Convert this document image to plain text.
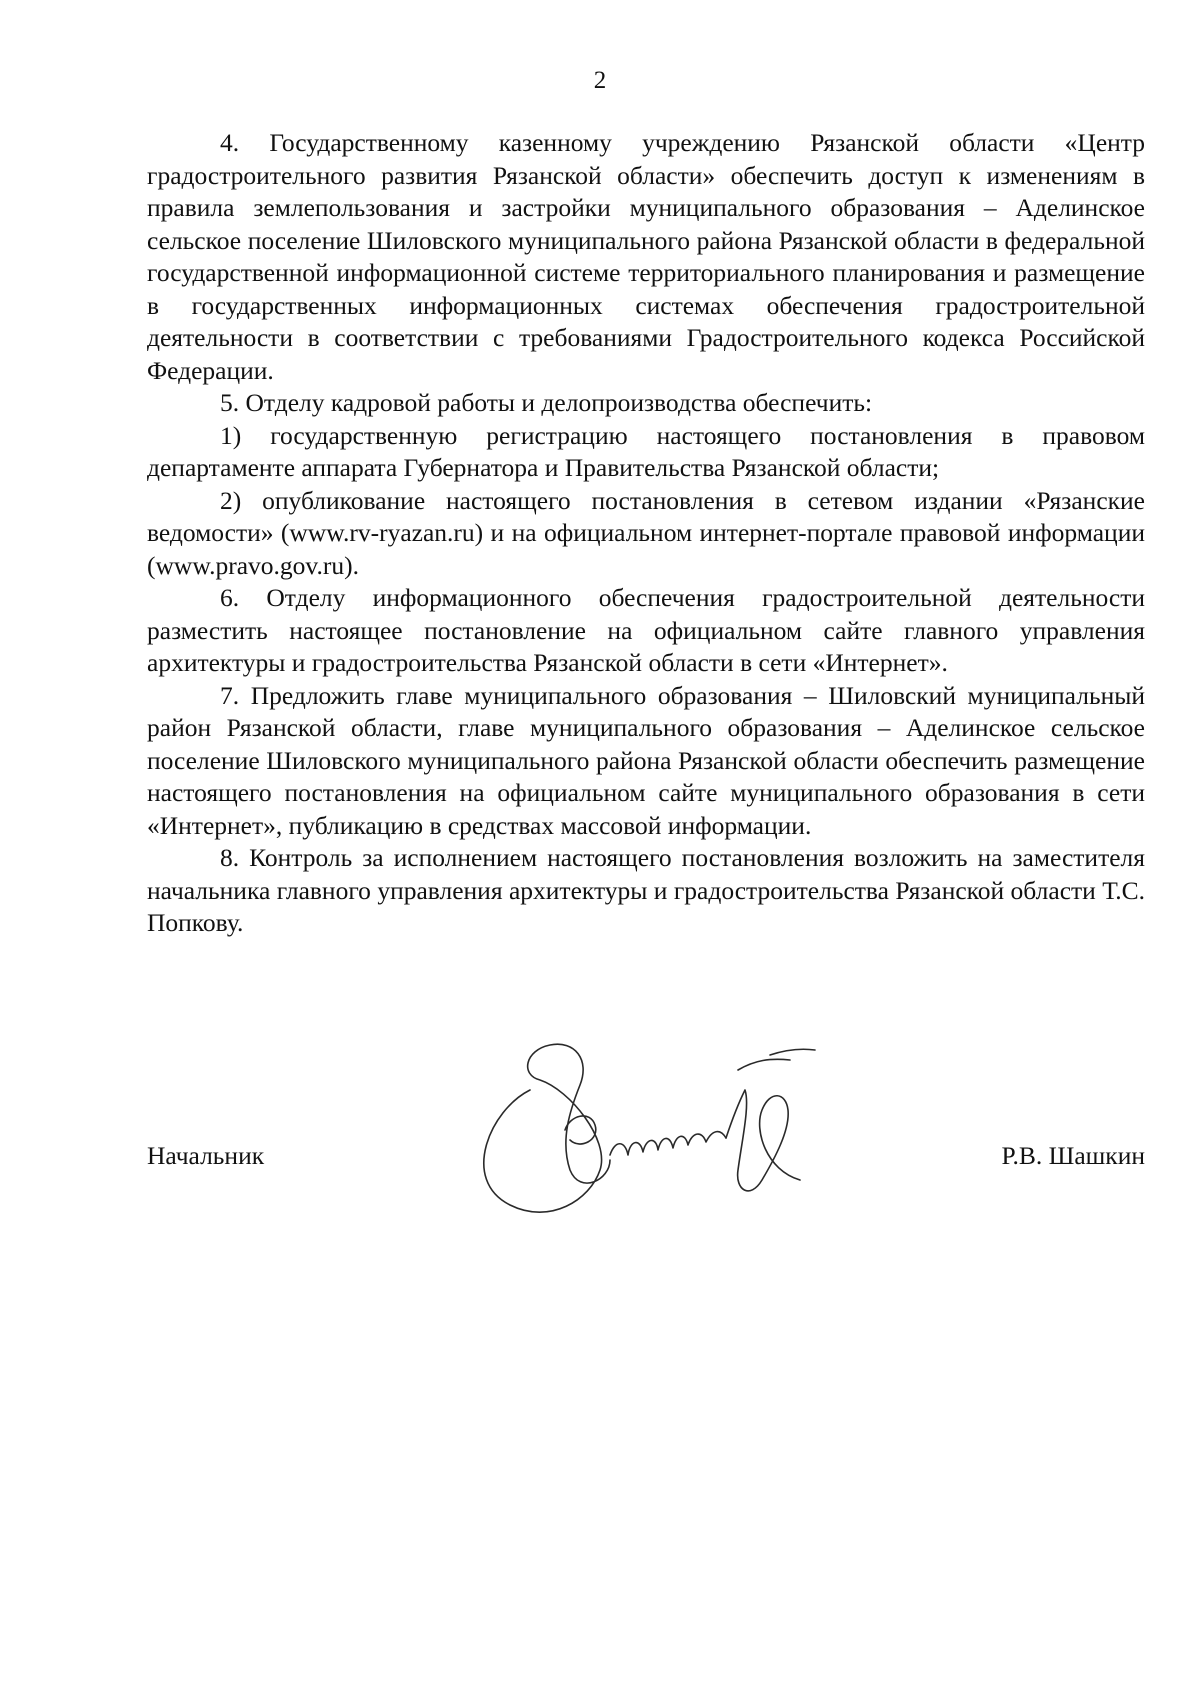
2

4. Государственному казенному учреждению Рязанской области «Центр градостроительного развития Рязанской области» обеспечить доступ к изменениям в правила землепользования и застройки муниципального образования – Аделинское сельское поселение Шиловского муниципального района Рязанской области в федеральной государственной информационной системе территориального планирования и размещение в государственных информационных системах обеспечения градостроительной деятельности в соответствии с требованиями Градостроительного кодекса Российской Федерации.

5. Отделу кадровой работы и делопроизводства обеспечить:

1) государственную регистрацию настоящего постановления в правовом департаменте аппарата Губернатора и Правительства Рязанской области;

2) опубликование настоящего постановления в сетевом издании «Рязанские ведомости» (www.rv-ryazan.ru) и на официальном интернет-портале правовой информации (www.pravo.gov.ru).

6. Отделу информационного обеспечения градостроительной деятельности разместить настоящее постановление на официальном сайте главного управления архитектуры и градостроительства Рязанской области в сети «Интернет».

7. Предложить главе муниципального образования – Шиловский муниципальный район Рязанской области, главе муниципального образования – Аделинское сельское поселение Шиловского муниципального района Рязанской области обеспечить размещение настоящего постановления на официальном сайте муниципального образования в сети «Интернет», публикацию в средствах массовой информации.

8. Контроль за исполнением настоящего постановления возложить на заместителя начальника главного управления архитектуры и градостроительства Рязанской области Т.С. Попкову.

Начальник	Р.В. Шашкин
